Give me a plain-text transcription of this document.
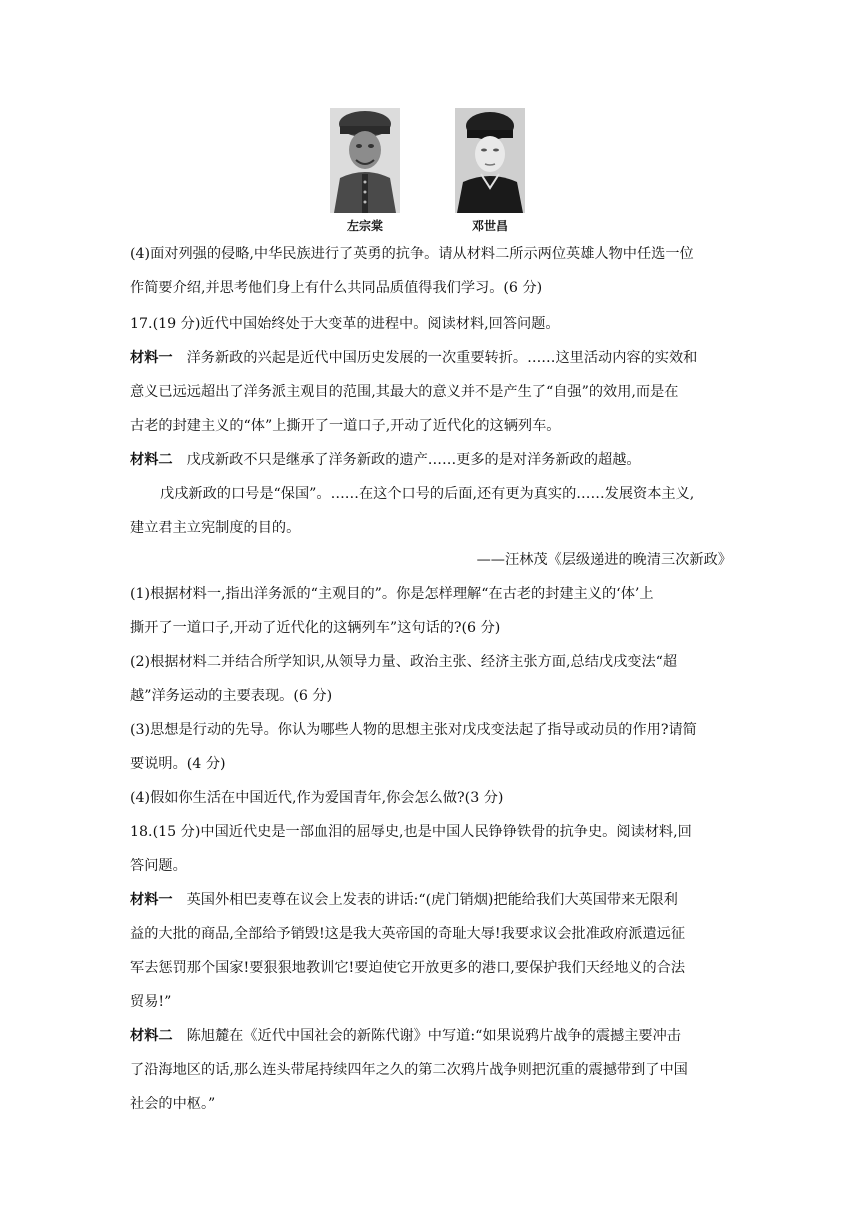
左宗棠	邓世昌
(4)面对列强的侵略,中华民族进行了英勇的抗争。请从材料二所示两位英雄人物中任选一位
作简要介绍,并思考他们身上有什么共同品质值得我们学习。(6 分)
17.(19 分)近代中国始终处于大变革的进程中。阅读材料,回答问题。
材料一 洋务新政的兴起是近代中国历史发展的一次重要转折。……这里活动内容的实效和
意义已远远超出了洋务派主观目的范围,其最大的意义并不是产生了“自强”的效用,而是在
古老的封建主义的“体”上撕开了一道口子,开动了近代化的这辆列车。
材料二 戊戌新政不只是继承了洋务新政的遗产……更多的是对洋务新政的超越。
戊戌新政的口号是“保国”。……在这个口号的后面,还有更为真实的……发展资本主义,
建立君主立宪制度的目的。
——汪林茂《层级递进的晚清三次新政》
(1)根据材料一,指出洋务派的“主观目的”。你是怎样理解“在古老的封建主义的‘体’上
撕开了一道口子,开动了近代化的这辆列车”这句话的?(6 分)
(2)根据材料二并结合所学知识,从领导力量、政治主张、经济主张方面,总结戊戌变法“超
越”洋务运动的主要表现。(6 分)
(3)思想是行动的先导。你认为哪些人物的思想主张对戊戌变法起了指导或动员的作用?请简
要说明。(4 分)
(4)假如你生活在中国近代,作为爱国青年,你会怎么做?(3 分)
18.(15 分)中国近代史是一部血泪的屈辱史,也是中国人民铮铮铁骨的抗争史。阅读材料,回
答问题。
材料一 英国外相巴麦尊在议会上发表的讲话:“(虎门销烟)把能给我们大英国带来无限利
益的大批的商品,全部给予销毁!这是我大英帝国的奇耻大辱!我要求议会批准政府派遣远征
军去惩罚那个国家!要狠狠地教训它!要迫使它开放更多的港口,要保护我们天经地义的合法
贸易!”
材料二 陈旭麓在《近代中国社会的新陈代谢》中写道:“如果说鸦片战争的震撼主要冲击
了沿海地区的话,那么连头带尾持续四年之久的第二次鸦片战争则把沉重的震撼带到了中国
社会的中枢。”
